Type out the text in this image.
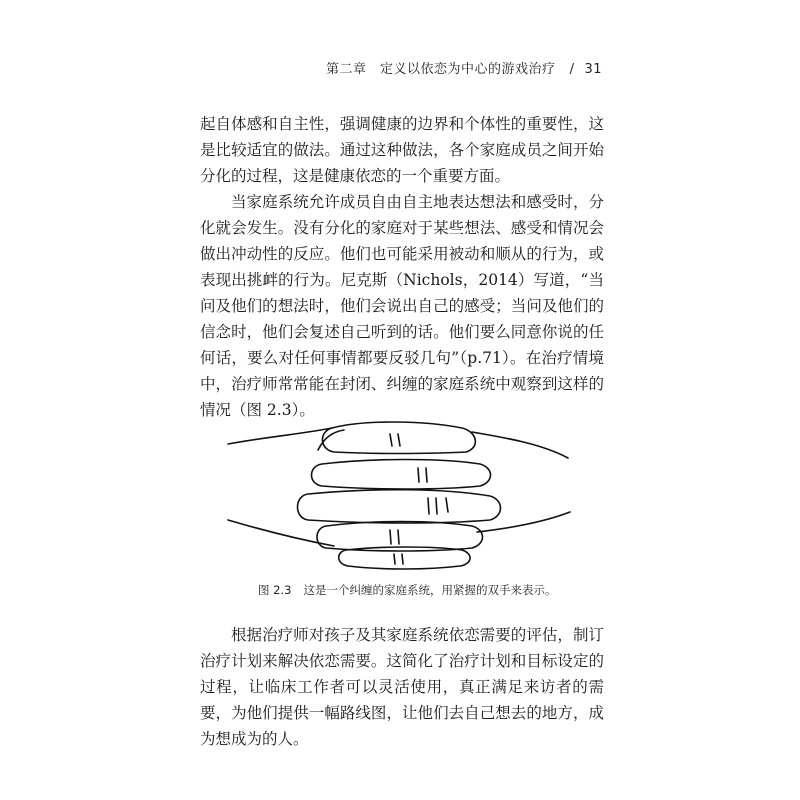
第二章　定义以依恋为中心的游戏治疗 / 31

起自体感和自主性，强调健康的边界和个体性的重要性，这是比较适宜的做法。通过这种做法，各个家庭成员之间开始分化的过程，这是健康依恋的一个重要方面。

当家庭系统允许成员自由自主地表达想法和感受时，分化就会发生。没有分化的家庭对于某些想法、感受和情况会做出冲动性的反应。他们也可能采用被动和顺从的行为，或表现出挑衅的行为。尼克斯（Nichols，2014）写道，“当问及他们的想法时，他们会说出自己的感受；当问及他们的信念时，他们会复述自己听到的话。他们要么同意你说的任何话，要么对任何事情都要反驳几句”（p.71）。在治疗情境中，治疗师常常能在封闭、纠缠的家庭系统中观察到这样的情况（图 2.3）。

图 2.3 这是一个纠缠的家庭系统，用紧握的双手来表示。

根据治疗师对孩子及其家庭系统依恋需要的评估，制订治疗计划来解决依恋需要。这简化了治疗计划和目标设定的过程，让临床工作者可以灵活使用，真正满足来访者的需要，为他们提供一幅路线图，让他们去自己想去的地方，成为想成为的人。
